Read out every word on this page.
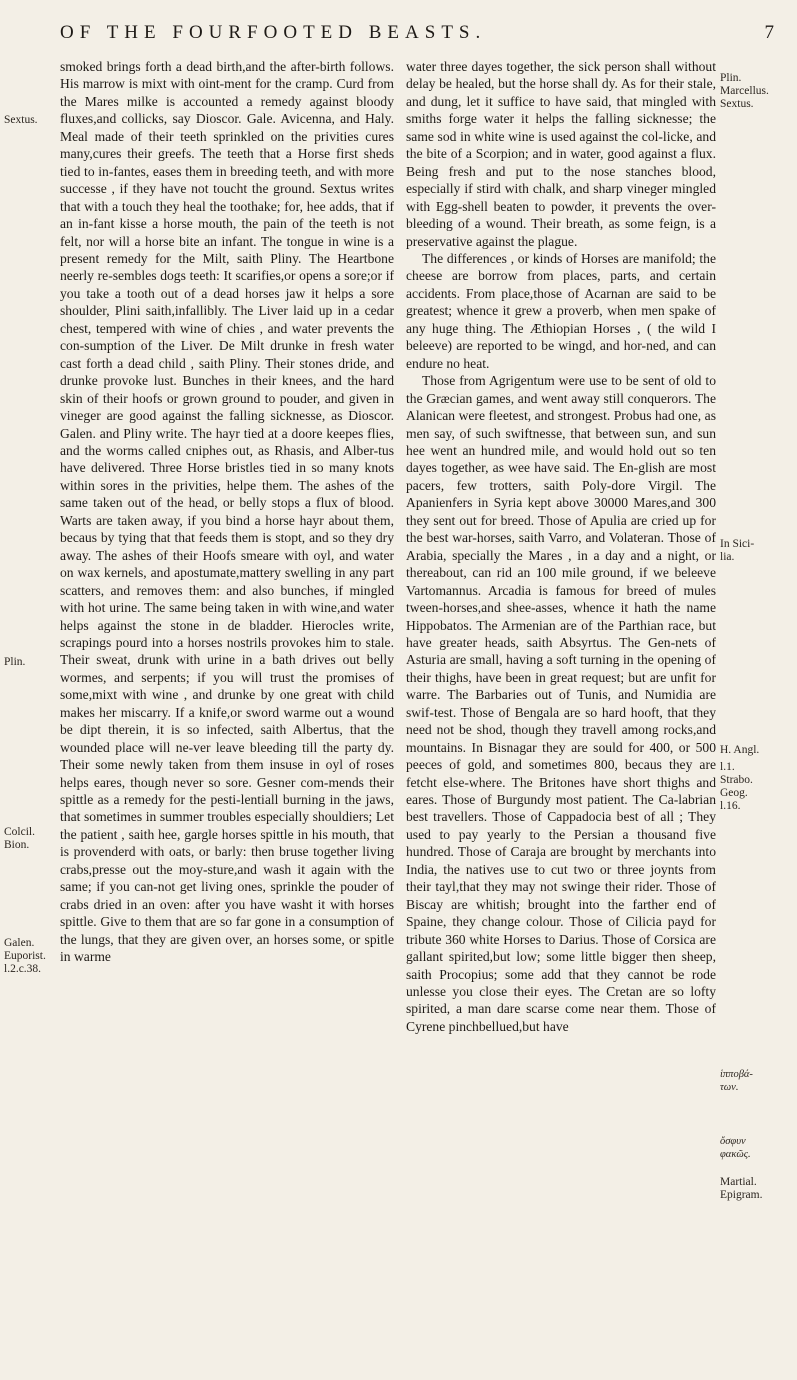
OF THE FOURFOOTED BEASTS.	7
Sextus.
Plin.
Colcil.
Bion.
Galen.
Euporist.
l.2.c.38.

smoked brings forth a dead birth,and the after-birth follows. His marrow is mixt with oint-ment for the cramp. Curd from the Mares milke is accounted a remedy against bloody fluxes,and collicks, say Dioscor. Gale. Avicenna, and Haly. Meal made of their teeth sprinkled on the privities cures many,cures their greefs. The teeth that a Horse first sheds tied to in-fantes, eases them in breeding teeth, and with more successe , if they have not toucht the ground. Sextus writes that with a touch they heal the toothake; for, hee adds, that if an in-fant kisse a horse mouth, the pain of the teeth is not felt, nor will a horse bite an infant. The tongue in wine is a present remedy for the Milt, saith Pliny. The Heartbone neerly re-sembles dogs teeth: It scarifies,or opens a sore;or if you take a tooth out of a dead horses jaw it helps a sore shoulder, Plini saith,infallibly. The Liver laid up in a cedar chest, tempered with wine of chies , and water prevents the con-sumption of the Liver. De Milt drunke in fresh water cast forth a dead child , saith Pliny. Their stones dride, and drunke provoke lust. Bunches in their knees, and the hard skin of their hoofs or grown ground to pouder, and given in vineger are good against the falling sicknesse, as Dioscor. Galen. and Pliny write. The hayr tied at a doore keepes flies, and the worms called cniphes out, as Rhasis, and Alber-tus have delivered. Three Horse bristles tied in so many knots within sores in the privities, helpe them. The ashes of the same taken out of the head, or belly stops a flux of blood. Warts are taken away, if you bind a horse hayr about them, becaus by tying that that feeds them is stopt, and so they dry away. The ashes of their Hoofs smeare with oyl, and water on wax kernels, and apostumate,mattery swelling in any part scatters, and removes them: and also bunches, if mingled with hot urine. The same being taken in with wine,and water helps against the stone in de bladder. Hierocles write, scrapings pourd into a horses nostrils provokes him to stale. Their sweat, drunk with urine in a bath drives out belly wormes, and serpents; if you will trust the promises of some,mixt with wine , and drunke by one great with child makes her miscarry. If a knife,or sword warme out a wound be dipt therein, it is so infected, saith Albertus, that the wounded place will ne-ver leave bleeding till the party dy. Their some newly taken from them insuse in oyl of roses helps eares, though never so sore. Gesner com-mends their spittle as a remedy for the pesti-lentiall burning in the jaws, that sometimes in summer troubles especially shouldiers; Let the patient , saith hee, gargle horses spittle in his mouth, that is provenderd with oats, or barly: then bruse together living crabs,presse out the moy-sture,and wash it again with the same; if you can-not get living ones, sprinkle the pouder of crabs dried in an oven: after you have washt it with horses spittle. Give to them that are so far gone in a consumption of the lungs, that they are given over, an horses some, or spitle in warme

water three dayes together, the sick person shall without delay be healed, but the horse shall dy. As for their stale, and dung, let it suffice to have said, that mingled with smiths forge water it helps the falling sicknesse; the same sod in white wine is used against the col-licke, and the bite of a Scorpion; and in water, good against a flux. Being fresh and put to the nose stanches blood, especially if stird with chalk, and sharp vineger mingled with Egg-shell beaten to powder, it prevents the over-bleeding of a wound. Their breath, as some feign, is a preservative against the plague.

The differences , or kinds of Horses are manifold; the cheese are borrow from places, parts, and certain accidents. From place,those of Acarnan are said to be greatest; whence it grew a proverb, when men spake of any huge thing. The Æthiopian Horses , ( the wild I beleeve) are reported to be wingd, and hor-ned, and can endure no heat.

Those from Agrigentum were use to be sent of old to the Græcian games, and went away still conquerors. The Alanican were fleetest, and strongest. Probus had one, as men say, of such swiftnesse, that between sun, and sun hee went an hundred mile, and would hold out so ten dayes together, as wee have said. The En-glish are most pacers, few trotters, saith Poly-dore Virgil. The Apanienfers in Syria kept above 30000 Mares,and 300 they sent out for breed. Those of Apulia are cried up for the best war-horses, saith Varro, and Volateran. Those of Arabia, specially the Mares , in a day and a night, or thereabout, can rid an 100 mile ground, if we beleeve Vartomannus. Arcadia is famous for breed of mules tween-horses,and shee-asses, whence it hath the name Hippobatos. The Armenian are of the Parthian race, but have greater heads, saith Absyrtus. The Gen-nets of Asturia are small, having a soft turning in the opening of their thighs, have been in great request; but are unfit for warre. The Barbaries out of Tunis, and Numidia are swif-test. Those of Bengala are so hard hooft, that they need not be shod, though they travell among rocks,and mountains. In Bisnagar they are sould for 400, or 500 peeces of gold, and sometimes 800, becaus they are fetcht else-where. The Britones have short thighs and eares. Those of Burgundy most patient. The Ca-labrian best travellers. Those of Cappadocia best of all ; They used to pay yearly to the Persian a thousand five hundred. Those of Caraja are brought by merchants into India, the natives use to cut two or three joynts from their tayl,that they may not swinge their rider. Those of Biscay are whitish; brought into the farther end of Spaine, they change colour. Those of Cilicia payd for tribute 360 white Horses to Darius. Those of Corsica are gallant spirited,but low; some little bigger then sheep, saith Procopius; some add that they cannot be rode unlesse you close their eyes. The Cretan are so lofty spirited, a man dare scarse come near them. Those of Cyrene pinchbellued,but have

Plin.
Marcellus.
Sextus.
In Sici-
lia.
H. Angl.
l.1.
Strabo.
Geog.
l.16.
ἱπποβά-
των.
ὄσφυν
φακῶς.
Martial.
Epigram.
